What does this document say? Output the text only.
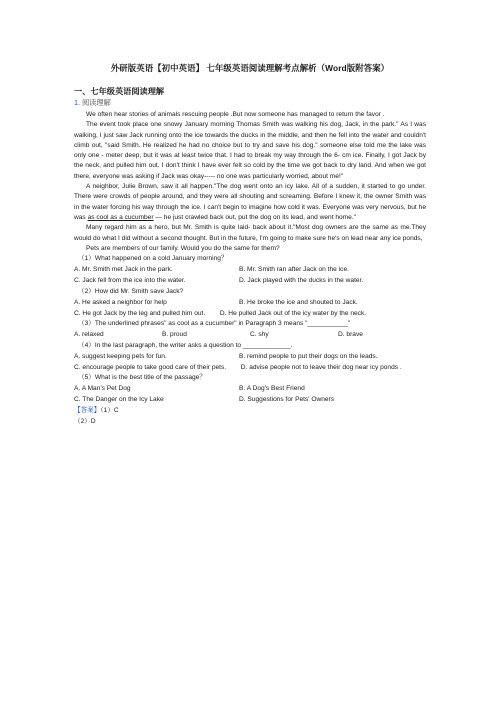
外研版英语【初中英语】 七年级英语阅读理解考点解析（Word版附答案）
一、七年级英语阅读理解
1. 阅读理解

We often hear stories of animals rescuing people .But now someone has managed to return the favor .

The event took place one snowy January morning Thomas Smith was walking his dog, Jack, in the park." As I was walking, I just saw Jack running onto the ice towards the ducks in the middle, and then he fell into the water and couldn't climb out, "said Smith. He realized he had no choice but to try and save his dog." someone else told me the lake was only one - meter deep, but it was at least twice that. I had to break my way through the 6- cm ice. Finally, I got Jack by the neck, and pulled him out. I don't think I have ever felt so cold by the time we got back to dry land. And when we got there, everyone was asking if Jack was okay----- no one was particularly worried, about me!"

A neighbor, Julie Brown, saw it all happen."The dog went onto an icy lake. All of a sudden, it started to go under. There were crowds of people around, and they were all shouting and screaming. Before I knew it, the owner Smith was in the water forcing his way through the ice. I can't begin to imagine how cold it was. Everyone was very nervous, but he was as cool as a cucumber — he just crawled back out, put the dog on its lead, and went home."

Many regard him as a hero, but Mr. Smith is quite laid- back about it."Most dog owners are the same as me.They would do what I did without a second thought. But in the future, I'm going to make sure he's on lead near any ice ponds,

Pets are members of our family. Would you do the same for them?

（1）What happened on a cold January morning？
A. Mr. Smith met Jack in the park.	B. Mr. Smith ran after Jack on the ice.
C. Jack fell from the ice into the water.	D. Jack played with the ducks in the water.
（2）How did Mr. Smith save Jack?
A. He asked a neighbor for help	B. He broke the ice and shouted to Jack.
C. He got Jack by the leg and pulled him out. D. He pulled Jack out of the icy water by the neck.
（3）The underlined phrases" as cool as a cucumber" in Paragraph 3 means "___________"
A. relaxed	B. proud	C. shy	D. brave
（4）In the last paragraph, the writer asks a question to _____________.
A. suggest keeping pets for fun.	B. remind people to put their dogs on the leads.
C. encourage people to take good care of their pets. D. advise people not to leave their dog near icy ponds .
（5）What is the best title of the passage？
A. A Man's Pet Dog	B. A Dog's Best Friend
C. The Danger on the Icy Lake	D. Suggestions for Pets' Owners
【答案】（1）C
（2）D
